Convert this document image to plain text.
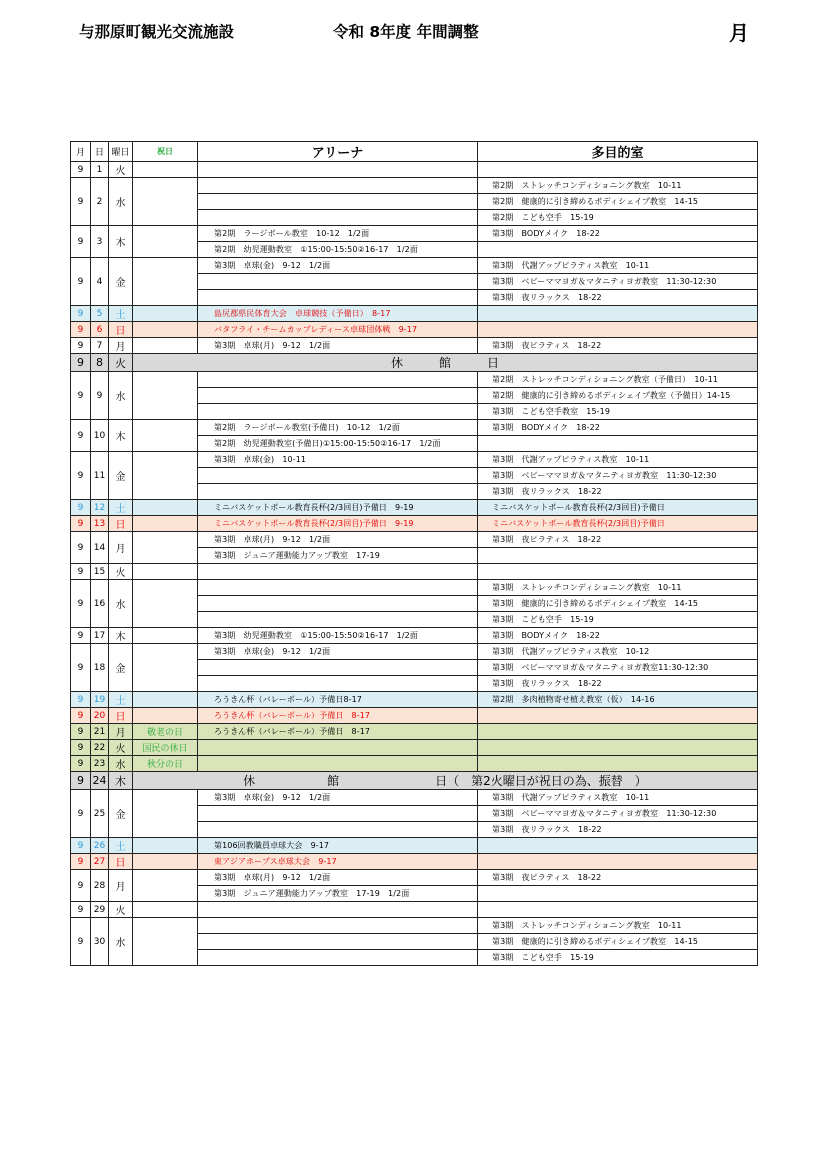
与那原町観光交流施設	令和 8年度 年間調整	月
月	日	曜日	祝日	アリーナ	多目的室
9	1	火			
9	2	水			第2期　ストレッチコンディショニング教室　10-11
					第2期　健康的に引き締めるボディシェイプ教室　14-15
					第2期　こども空手　15-19
9	3	木		第2期　ラージボール教室　10-12　1/2面	第3期　BODYメイク　18-22
				第2期　幼児運動教室　①15:00-15:50②16-17　1/2面	
9	4	金		第3期　卓球(金)　9-12　1/2面	第3期　代謝アップピラティス教室　10-11
					第3期　ベビーママヨガ＆マタニティヨガ教室　11:30-12:30
					第3期　夜リラックス　18-22
9	5	土		島尻郡県民体育大会　卓球競技（予備日）　8-17	
9	6	日		バタフライ・チームカップレディース卓球団体戦　9-17	
9	7	月		第3期　卓球(月)　9-12　1/2面	第3期　夜ピラティス　18-22
9	8	火	休　　　館　　　日		
9	9	水			第2期　ストレッチコンディショニング教室（予備日）　10-11
					第2期　健康的に引き締めるボディシェイプ教室（予備日）14-15
					第3期　こども空手教室　15-19
9	10	木		第2期　ラージボール教室(予備日)　10-12　1/2面	第3期　BODYメイク　18-22
				第2期　幼児運動教室(予備日)①15:00-15:50②16-17　1/2面	
9	11	金		第3期　卓球(金)　10-11	第3期　代謝アップピラティス教室　10-11
					第3期　ベビーママヨガ＆マタニティヨガ教室　11:30-12:30
					第3期　夜リラックス　18-22
9	12	土		ミニバスケットボール教育長杯(2/3回目)予備日　9-19	ミニバスケットボール教育長杯(2/3回目)予備日
9	13	日		ミニバスケットボール教育長杯(2/3回目)予備日　9-19	ミニバスケットボール教育長杯(2/3回目)予備日
9	14	月		第3期　卓球(月)　9-12　1/2面	第3期　夜ピラティス　18-22
				第3期　ジュニア運動能力アップ教室　17-19	
9	15	火			
9	16	水			第3期　ストレッチコンディショニング教室　10-11
					第3期　健康的に引き締めるボディシェイプ教室　14-15
					第3期　こども空手　15-19
9	17	木		第3期　幼児運動教室　①15:00-15:50②16-17　1/2面	第3期　BODYメイク　18-22
9	18	金		第3期　卓球(金)　9-12　1/2面	第3期　代謝アップピラティス教室　10-12
					第3期　ベビーママヨガ＆マタニティヨガ教室11:30-12:30
					第3期　夜リラックス　18-22
9	19	土		ろうきん杯（バレーボール）予備日8-17	第2期　多肉植物寄せ植え教室（仮）　14-16
9	20	日		ろうきん杯（バレーボール）予備日　8-17	
9	21	月	敬老の日	ろうきん杯（バレーボール）予備日　8-17	
9	22	火	国民の休日		
9	23	水	秋分の日		
9	24	木	休　　　　　　館　　　　　　　　日（　第2火曜日が祝日の為、振替　）		
9	25	金		第3期　卓球(金)　9-12　1/2面	第3期　代謝アップピラティス教室　10-11
					第3期　ベビーママヨガ＆マタニティヨガ教室　11:30-12:30
					第3期　夜リラックス　18-22
9	26	土		第106回教職員卓球大会　9-17	
9	27	日		東アジアホープス卓球大会　9-17	
9	28	月		第3期　卓球(月)　9-12　1/2面	第3期　夜ピラティス　18-22
				第3期　ジュニア運動能力アップ教室　17-19　1/2面	
9	29	火			
9	30	水			第3期　ストレッチコンディショニング教室　10-11
					第3期　健康的に引き締めるボディシェイプ教室　14-15
					第3期　こども空手　15-19
